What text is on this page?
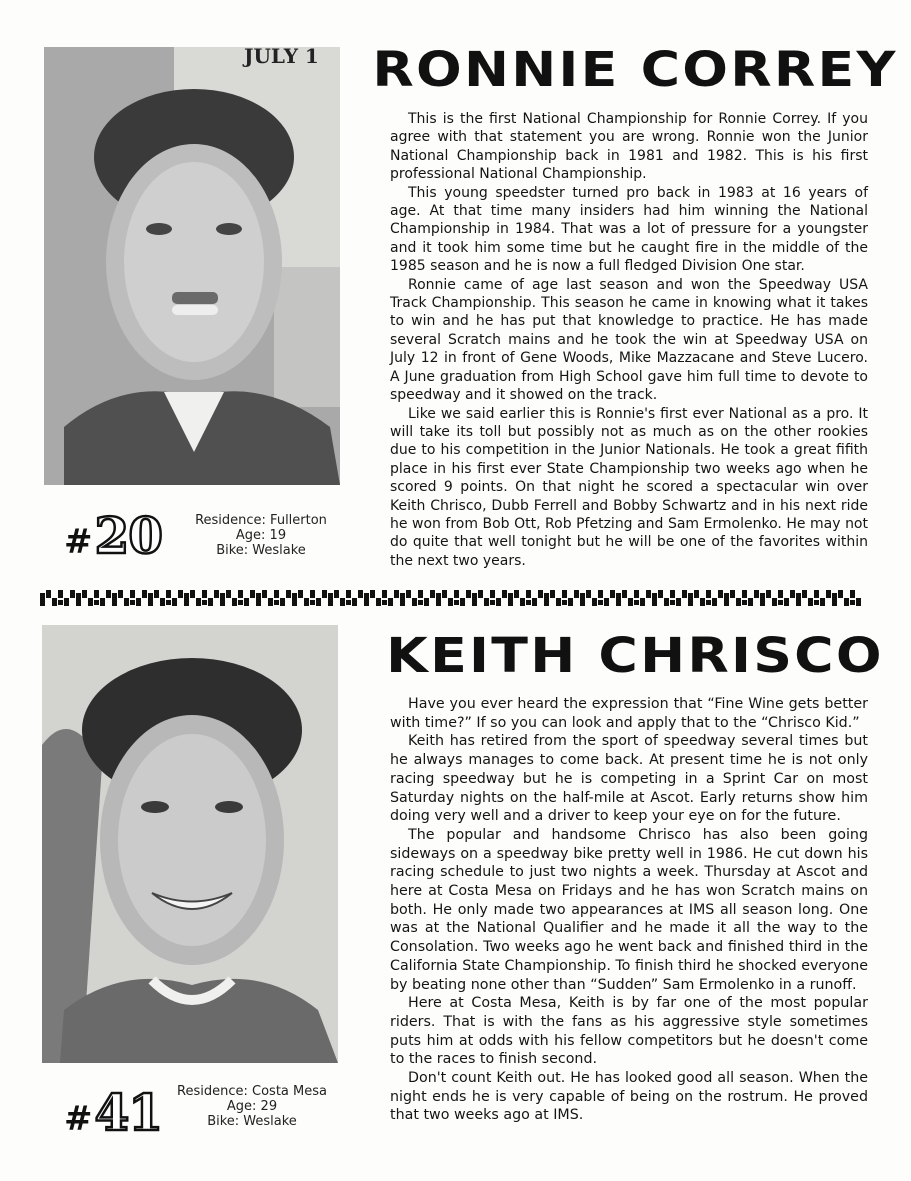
JULY 1
# 20	Residence: Fullerton
Age: 19
Bike: Weslake
RONNIE CORREY

This is the first National Championship for Ronnie Correy. If you agree with that statement you are wrong. Ronnie won the Junior National Championship back in 1981 and 1982. This is his first professional National Championship.

This young speedster turned pro back in 1983 at 16 years of age. At that time many insiders had him winning the National Championship in 1984. That was a lot of pressure for a youngster and it took him some time but he caught fire in the middle of the 1985 season and he is now a full fledged Division One star.

Ronnie came of age last season and won the Speedway USA Track Championship. This season he came in knowing what it takes to win and he has put that knowledge to practice. He has made several Scratch mains and he took the win at Speedway USA on July 12 in front of Gene Woods, Mike Mazzacane and Steve Lucero. A June graduation from High School gave him full time to devote to speedway and it showed on the track.

Like we said earlier this is Ronnie's first ever National as a pro. It will take its toll but possibly not as much as on the other rookies due to his competition in the Junior Nationals. He took a great fifith place in his first ever State Championship two weeks ago when he scored 9 points. On that night he scored a spectacular win over Keith Chrisco, Dubb Ferrell and Bobby Schwartz and in his next ride he won from Bob Ott, Rob Pfetzing and Sam Ermolenko. He may not do quite that well tonight but he will be one of the favorites within the next two years.

# 41	Residence: Costa Mesa
Age: 29
Bike: Weslake
KEITH CHRISCO

Have you ever heard the expression that “Fine Wine gets better with time?” If so you can look and apply that to the “Chrisco Kid.”

Keith has retired from the sport of speedway several times but he always manages to come back. At present time he is not only racing speedway but he is competing in a Sprint Car on most Saturday nights on the half-mile at Ascot. Early returns show him doing very well and a driver to keep your eye on for the future.

The popular and handsome Chrisco has also been going sideways on a speedway bike pretty well in 1986. He cut down his racing schedule to just two nights a week. Thursday at Ascot and here at Costa Mesa on Fridays and he has won Scratch mains on both. He only made two appearances at IMS all season long. One was at the National Qualifier and he made it all the way to the Consolation. Two weeks ago he went back and finished third in the California State Championship. To finish third he shocked everyone by beating none other than “Sudden” Sam Ermolenko in a runoff.

Here at Costa Mesa, Keith is by far one of the most popular riders. That is with the fans as his aggressive style sometimes puts him at odds with his fellow competitors but he doesn't come to the races to finish second.

Don't count Keith out. He has looked good all season. When the night ends he is very capable of being on the rostrum. He proved that two weeks ago at IMS.
